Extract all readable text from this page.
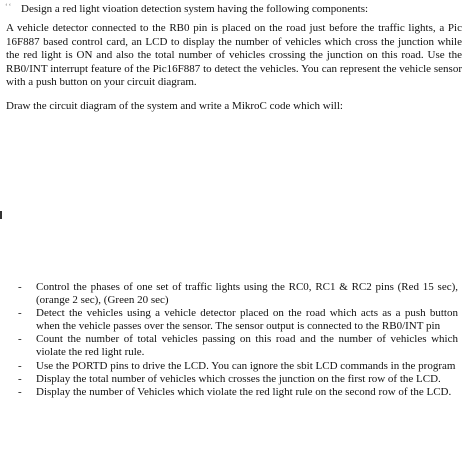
ʻʻ Design a red light vioation detection system having the following components:
A vehicle detector connected to the RB0 pin is placed on the road just before the traffic lights, a Pic 16F887 based control card, an LCD to display the number of vehicles which cross the junction while the red light is ON and also the total number of vehicles crossing the junction on this road. Use the RB0/INT interrupt feature of the Pic16F887 to detect the vehicles. You can represent the vehicle sensor with a push button on your circuit diagram.
Draw the circuit diagram of the system and write a MikroC code which will:
- Control the phases of one set of traffic lights using the RC0, RC1 & RC2 pins (Red 15 sec), (orange 2 sec), (Green 20 sec)
- Detect the vehicles using a vehicle detector placed on the road which acts as a push button when the vehicle passes over the sensor. The sensor output is connected to the RB0/INT pin
- Count the number of total vehicles passing on this road and the number of vehicles which violate the red light rule.
- Use the PORTD pins to drive the LCD. You can ignore the sbit LCD commands in the program
- Display the total number of vehicles which crosses the junction on the first row of the LCD.
- Display the number of Vehicles which violate the red light rule on the second row of the LCD.
